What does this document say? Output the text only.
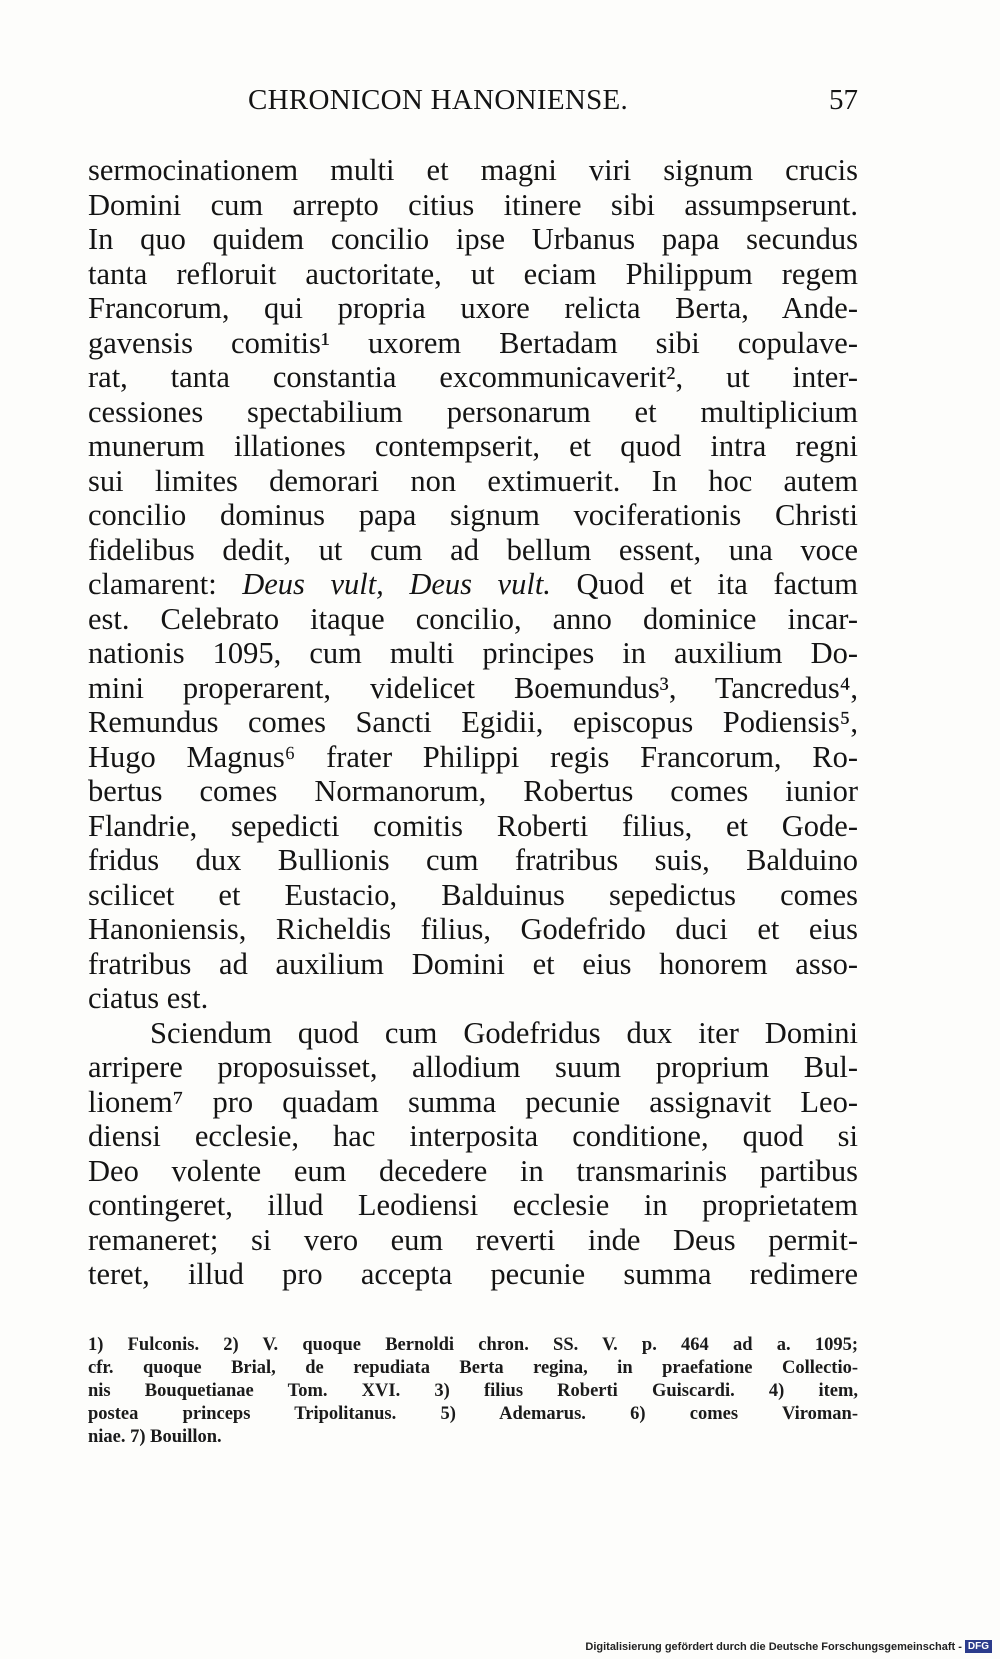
CHRONICON HANONIENSE.	57
sermocinationem multi et magni viri signum crucis
Domini cum arrepto citius itinere sibi assumpserunt.
In quo quidem concilio ipse Urbanus papa secundus
tanta refloruit auctoritate, ut eciam Philippum regem
Francorum, qui propria uxore relicta Berta, Ande-
gavensis comitis¹ uxorem Bertadam sibi copulave-
rat, tanta constantia excommunicaverit², ut inter-
cessiones spectabilium personarum et multiplicium
munerum illationes contempserit, et quod intra regni
sui limites demorari non extimuerit. In hoc autem
concilio dominus papa signum vociferationis Christi
fidelibus dedit, ut cum ad bellum essent, una voce
clamarent: Deus vult, Deus vult. Quod et ita factum
est. Celebrato itaque concilio, anno dominice incar-
nationis 1095, cum multi principes in auxilium Do-
mini properarent, videlicet Boemundus³, Tancredus⁴,
Remundus comes Sancti Egidii, episcopus Podiensis⁵,
Hugo Magnus⁶ frater Philippi regis Francorum, Ro-
bertus comes Normanorum, Robertus comes iunior
Flandrie, sepedicti comitis Roberti filius, et Gode-
fridus dux Bullionis cum fratribus suis, Balduino
scilicet et Eustacio, Balduinus sepedictus comes
Hanoniensis, Richeldis filius, Godefrido duci et eius
fratribus ad auxilium Domini et eius honorem asso-
ciatus est.
Sciendum quod cum Godefridus dux iter Domini
arripere proposuisset, allodium suum proprium Bul-
lionem⁷ pro quadam summa pecunie assignavit Leo-
diensi ecclesie, hac interposita conditione, quod si
Deo volente eum decedere in transmarinis partibus
contingeret, illud Leodiensi ecclesie in proprietatem
remaneret; si vero eum reverti inde Deus permit-
teret, illud pro accepta pecunie summa redimere
1) Fulconis. 2) V. quoque Bernoldi chron. SS. V. p. 464 ad a. 1095;
cfr. quoque Brial, de repudiata Berta regina, in praefatione Collectio-
nis Bouquetianae Tom. XVI. 3) filius Roberti Guiscardi. 4) item,
postea princeps Tripolitanus. 5) Ademarus. 6) comes Viroman-
niae. 7) Bouillon.
Digitalisierung gefördert durch die Deutsche Forschungsgemeinschaft - DFG
